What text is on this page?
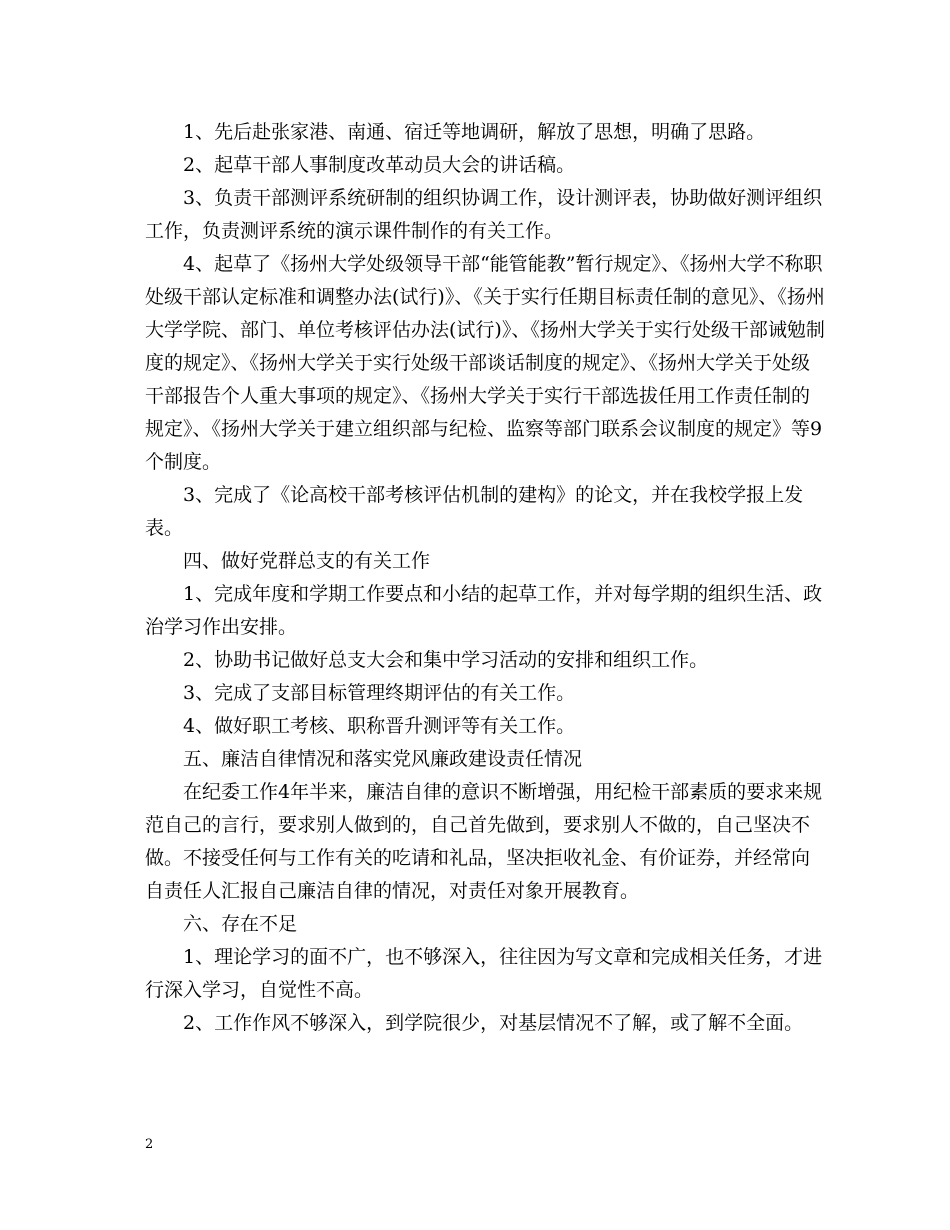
1、先后赴张家港、南通、宿迁等地调研，解放了思想，明确了思路。

2、起草干部人事制度改革动员大会的讲话稿。

3、负责干部测评系统研制的组织协调工作，设计测评表，协助做好测评组织工作，负责测评系统的演示课件制作的有关工作。

4、起草了《扬州大学处级领导干部“能管能教”暂行规定》、《扬州大学不称职处级干部认定标准和调整办法(试行)》、《关于实行任期目标责任制的意见》、《扬州大学学院、部门、单位考核评估办法(试行)》、《扬州大学关于实行处级干部诫勉制度的规定》、《扬州大学关于实行处级干部谈话制度的规定》、《扬州大学关于处级干部报告个人重大事项的规定》、《扬州大学关于实行干部选拔任用工作责任制的规定》、《扬州大学关于建立组织部与纪检、监察等部门联系会议制度的规定》等9个制度。

3、完成了《论高校干部考核评估机制的建构》的论文，并在我校学报上发表。

四、做好党群总支的有关工作

1、完成年度和学期工作要点和小结的起草工作，并对每学期的组织生活、政治学习作出安排。

2、协助书记做好总支大会和集中学习活动的安排和组织工作。

3、完成了支部目标管理终期评估的有关工作。

4、做好职工考核、职称晋升测评等有关工作。

五、廉洁自律情况和落实党风廉政建设责任情况

在纪委工作4年半来，廉洁自律的意识不断增强，用纪检干部素质的要求来规范自己的言行，要求别人做到的，自己首先做到，要求别人不做的，自己坚决不做。不接受任何与工作有关的吃请和礼品，坚决拒收礼金、有价证券，并经常向自责任人汇报自己廉洁自律的情况，对责任对象开展教育。

六、存在不足

1、理论学习的面不广，也不够深入，往往因为写文章和完成相关任务，才进行深入学习，自觉性不高。

2、工作作风不够深入，到学院很少，对基层情况不了解，或了解不全面。

2
